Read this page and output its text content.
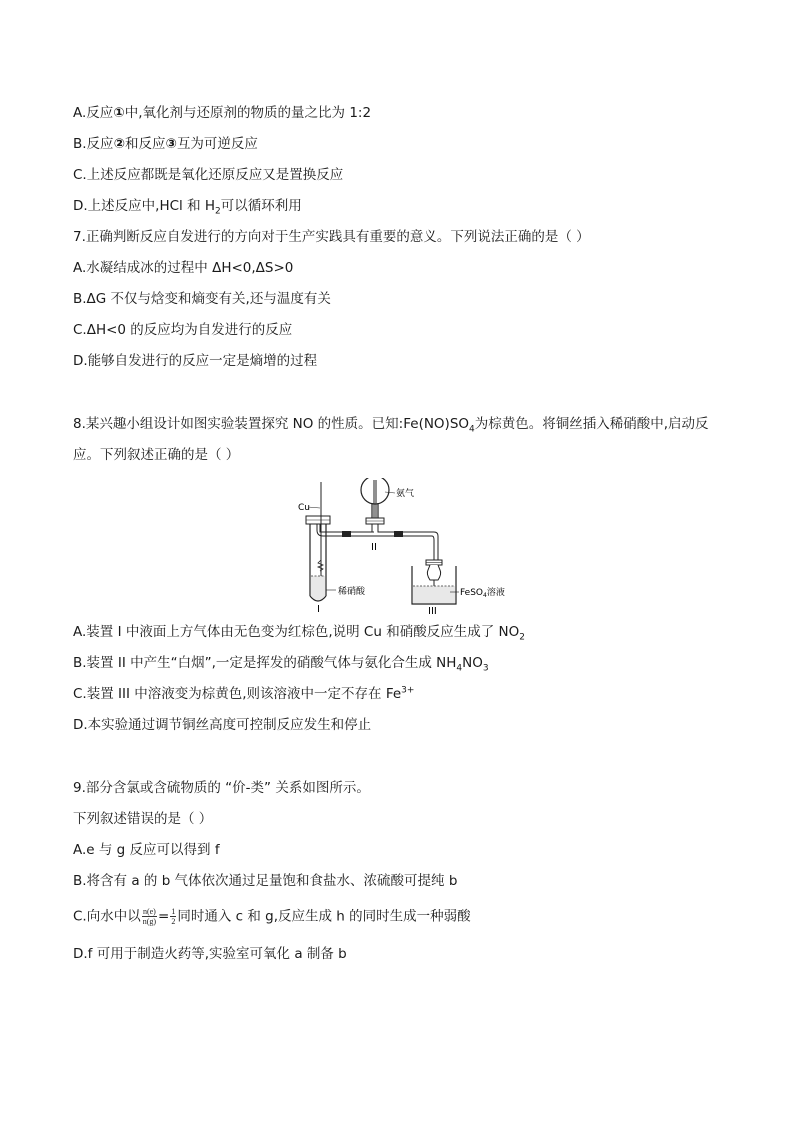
A.反应①中,氧化剂与还原剂的物质的量之比为 1:2
B.反应②和反应③互为可逆反应
C.上述反应都既是氧化还原反应又是置换反应
D.上述反应中,HCl 和 $H_2$可以循环利用
7.正确判断反应自发进行的方向对于生产实践具有重要的意义。下列说法正确的是（ ）
A.水凝结成冰的过程中 ΔH<0,ΔS>0
B.ΔG 不仅与焓变和熵变有关,还与温度有关
C.ΔH<0 的反应均为自发进行的反应
D.能够自发进行的反应一定是熵增的过程
8.某兴趣小组设计如图实验装置探究 NO 的性质。已知$:Fe(NO)SO_4$为棕黄色。将铜丝插入稀硝酸中,启动反
应。下列叙述正确的是（ ）
Cu
稀硝酸
I
氨气
II
FeSO$_4$溶液
III
A.装置 I 中液面上方气体由无色变为红棕色,说明 Cu 和硝酸反应生成了 $NO_2$
B.装置 II 中产生“白烟”,一定是挥发的硝酸气体与氨化合生成 $NH_4NO_3$
C.装置 III 中溶液变为棕黄色,则该溶液中一定不存在 $Fe^{3+}$
D.本实验通过调节铜丝高度可控制反应发生和停止
9.部分含氯或含硫物质的 “价-类” 关系如图所示。
下列叙述错误的是（ ）
A.e 与 g 反应可以得到 f
B.将含有 a 的 b 气体依次通过足量饱和食盐水、浓硫酸可提纯 b
C.向水中以 $\frac{n(e)}{n(g)} = \frac{1}{2}$ 同时通入 c 和 g,反应生成 h 的同时生成一种弱酸
D.f 可用于制造火药等,实验室可氧化 a 制备 b
